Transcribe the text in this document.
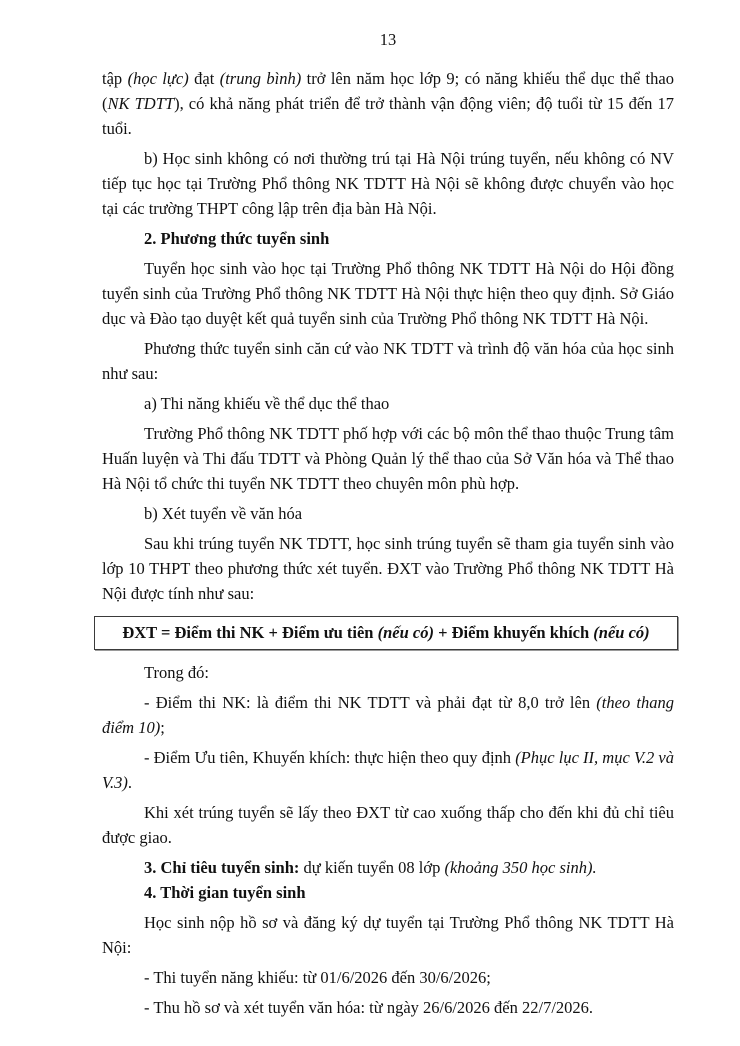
13

tập (học lực) đạt (trung bình) trở lên năm học lớp 9; có năng khiếu thể dục thể thao (NK TDTT), có khả năng phát triển để trở thành vận động viên; độ tuổi từ 15 đến 17 tuổi.

b) Học sinh không có nơi thường trú tại Hà Nội trúng tuyển, nếu không có NV tiếp tục học tại Trường Phổ thông NK TDTT Hà Nội sẽ không được chuyển vào học tại các trường THPT công lập trên địa bàn Hà Nội.

2. Phương thức tuyển sinh

Tuyển học sinh vào học tại Trường Phổ thông NK TDTT Hà Nội do Hội đồng tuyển sinh của Trường Phổ thông NK TDTT Hà Nội thực hiện theo quy định. Sở Giáo dục và Đào tạo duyệt kết quả tuyển sinh của Trường Phổ thông NK TDTT Hà Nội.

Phương thức tuyển sinh căn cứ vào NK TDTT và trình độ văn hóa của học sinh như sau:

a) Thi năng khiếu về thể dục thể thao

Trường Phổ thông NK TDTT phố hợp với các bộ môn thể thao thuộc Trung tâm Huấn luyện và Thi đấu TDTT và Phòng Quản lý thể thao của Sở Văn hóa và Thể thao Hà Nội tổ chức thi tuyển NK TDTT theo chuyên môn phù hợp.

b) Xét tuyển về văn hóa

Sau khi trúng tuyển NK TDTT, học sinh trúng tuyển sẽ tham gia tuyển sinh vào lớp 10 THPT theo phương thức xét tuyển. ĐXT vào Trường Phổ thông NK TDTT Hà Nội được tính như sau:

ĐXT = Điểm thi NK + Điểm ưu tiên (nếu có) + Điểm khuyến khích (nếu có)

Trong đó:

- Điểm thi NK: là điểm thi NK TDTT và phải đạt từ 8,0 trở lên (theo thang điểm 10);

- Điểm Ưu tiên, Khuyến khích: thực hiện theo quy định (Phục lục II, mục V.2 và V.3).

Khi xét trúng tuyển sẽ lấy theo ĐXT từ cao xuống thấp cho đến khi đủ chỉ tiêu được giao.

3. Chỉ tiêu tuyển sinh: dự kiến tuyển 08 lớp (khoảng 350 học sinh).

4. Thời gian tuyển sinh

Học sinh nộp hồ sơ và đăng ký dự tuyển tại Trường Phổ thông NK TDTT Hà Nội:

- Thi tuyển năng khiếu: từ 01/6/2026 đến 30/6/2026;

- Thu hồ sơ và xét tuyển văn hóa: từ ngày 26/6/2026 đến 22/7/2026.
